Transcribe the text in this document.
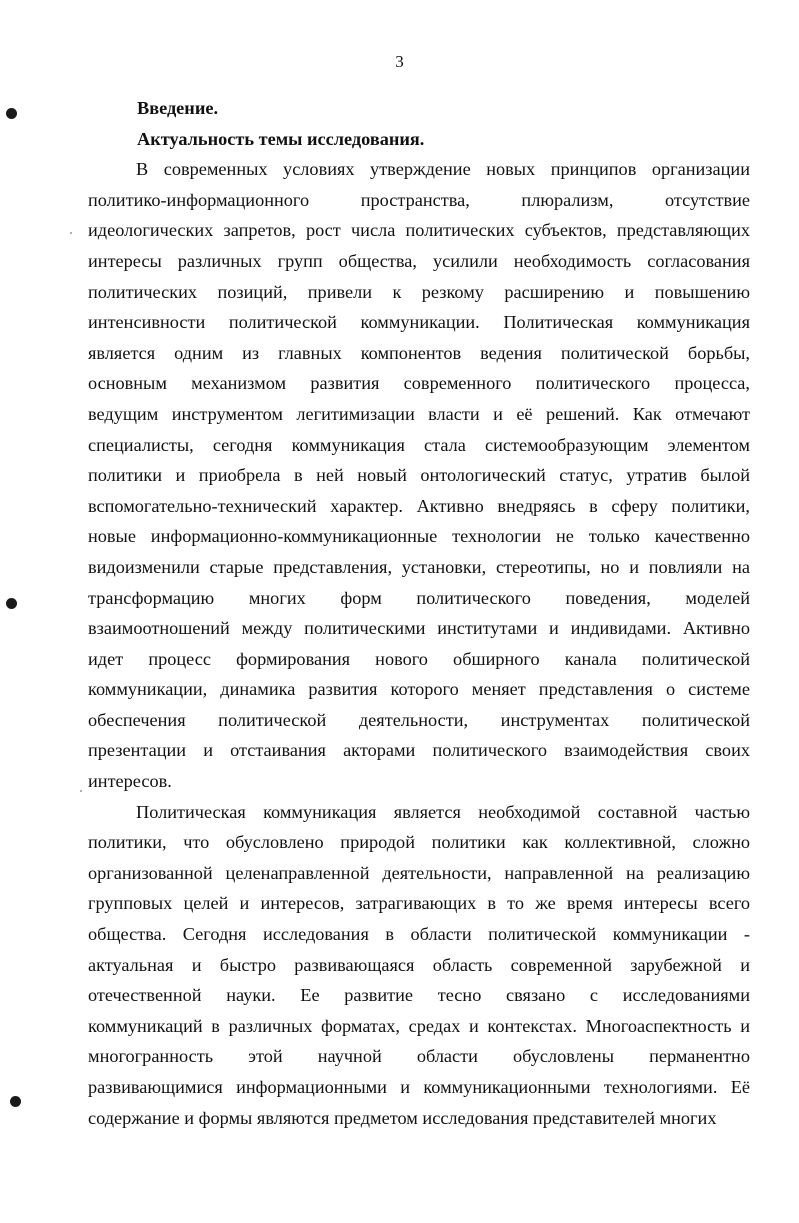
3

Введение.

Актуальность темы исследования.

В современных условиях утверждение новых принципов организации
политико-информационного пространства, плюрализм, отсутствие
идеологических запретов, рост числа политических субъектов, представляющих
интересы различных групп общества, усилили необходимость согласования
политических позиций, привели к резкому расширению и повышению
интенсивности политической коммуникации. Политическая коммуникация
является одним из главных компонентов ведения политической борьбы,
основным механизмом развития современного политического процесса,
ведущим инструментом легитимизации власти и её решений. Как отмечают
специалисты, сегодня коммуникация стала системообразующим элементом
политики и приобрела в ней новый онтологический статус, утратив былой
вспомогательно-технический характер. Активно внедряясь в сферу политики,
новые информационно-коммуникационные технологии не только качественно
видоизменили старые представления, установки, стереотипы, но и повлияли на
трансформацию многих форм политического поведения, моделей
взаимоотношений между политическими институтами и индивидами. Активно
идет процесс формирования нового обширного канала политической
коммуникации, динамика развития которого меняет представления о системе
обеспечения политической деятельности, инструментах политической
презентации и отстаивания акторами политического взаимодействия своих
интересов.
Политическая коммуникация является необходимой составной частью
политики, что обусловлено природой политики как коллективной, сложно
организованной целенаправленной деятельности, направленной на реализацию
групповых целей и интересов, затрагивающих в то же время интересы всего
общества. Сегодня исследования в области политической коммуникации -
актуальная и быстро развивающаяся область современной зарубежной и
отечественной науки. Ее развитие тесно связано с исследованиями
коммуникаций в различных форматах, средах и контекстах. Многоаспектность и
многогранность этой научной области обусловлены перманентно
развивающимися информационными и коммуникационными технологиями. Её
содержание и формы являются предметом исследования представителей многих
